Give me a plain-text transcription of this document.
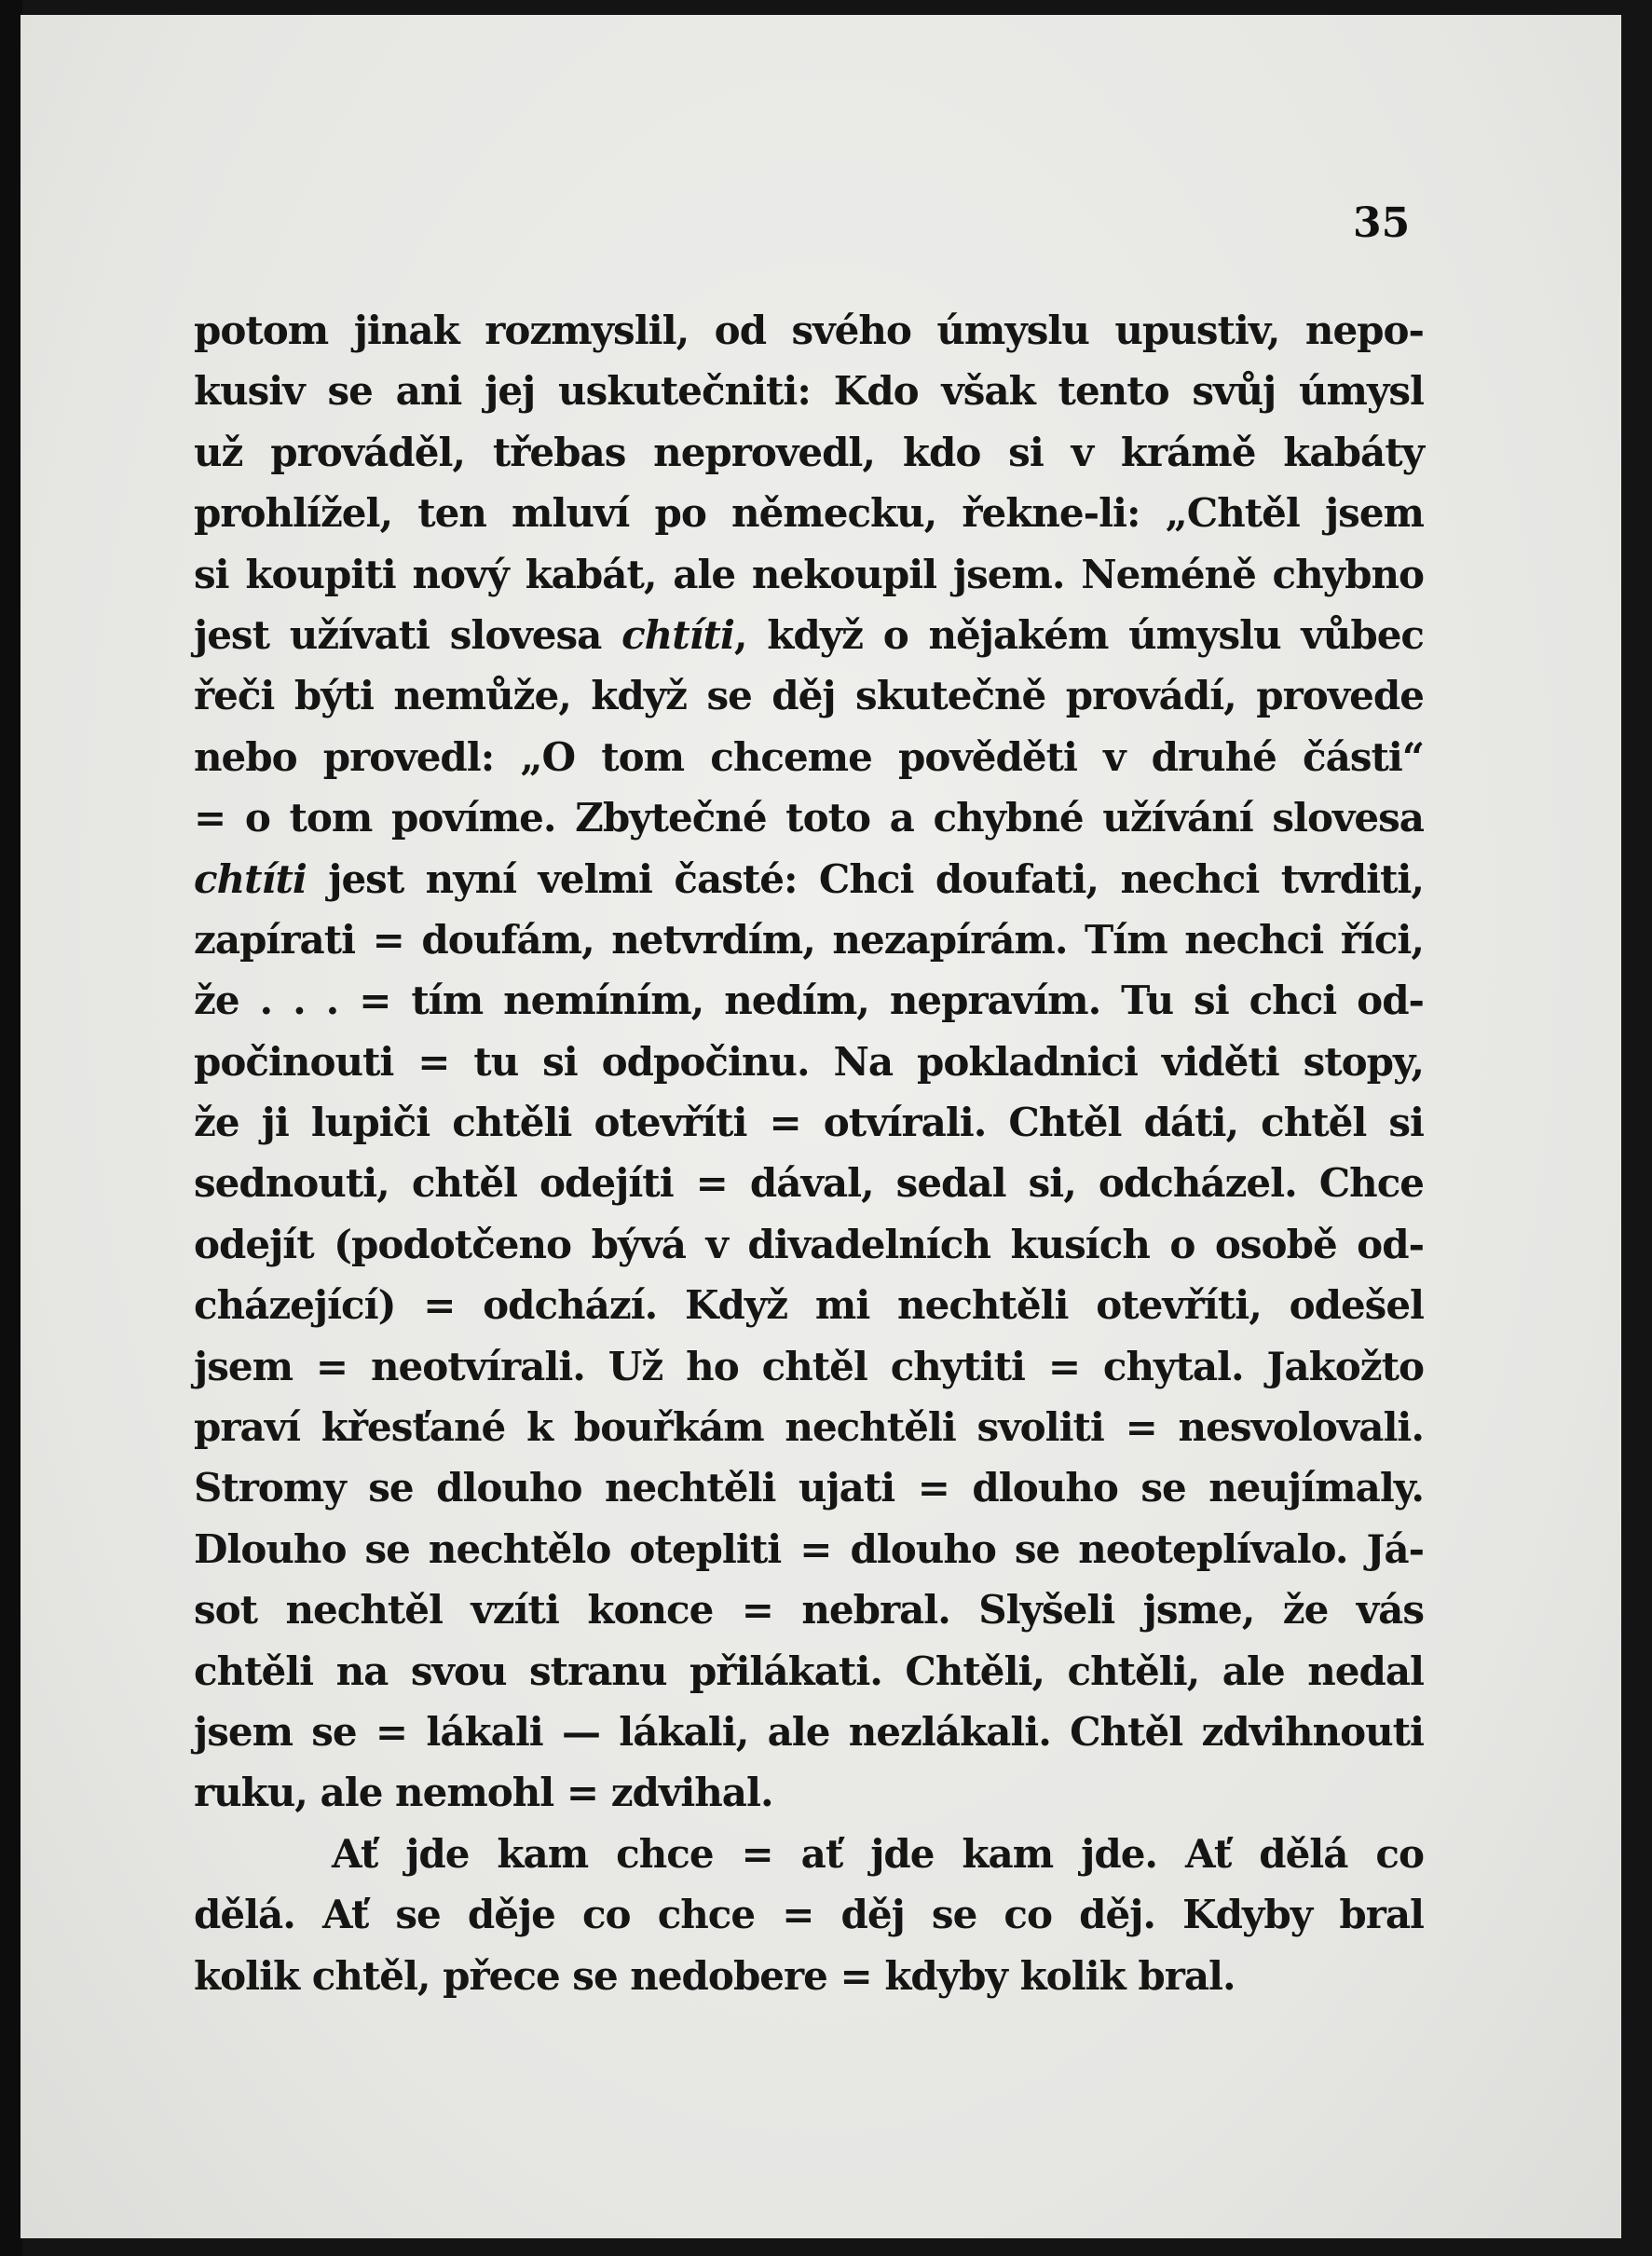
35
potom jinak rozmyslil, od svého úmyslu upustiv, nepo-
kusiv se ani jej uskutečniti: Kdo však tento svůj úmysl
už prováděl, třebas neprovedl, kdo si v krámě kabáty
prohlížel, ten mluví po německu, řekne-li: „Chtěl jsem
si koupiti nový kabát, ale nekoupil jsem. Neméně chybno
jest užívati slovesa chtíti, když o nějakém úmyslu vůbec
řeči býti nemůže, když se děj skutečně provádí, provede
nebo provedl: „O tom chceme pověděti v druhé části“
= o tom povíme. Zbytečné toto a chybné užívání slovesa
chtíti jest nyní velmi časté: Chci doufati, nechci tvrditi,
zapírati = doufám, netvrdím, nezapírám. Tím nechci říci,
že . . . = tím nemíním, nedím, nepravím. Tu si chci od-
počinouti = tu si odpočinu. Na pokladnici viděti stopy,
že ji lupiči chtěli otevříti = otvírali. Chtěl dáti, chtěl si
sednouti, chtěl odejíti = dával, sedal si, odcházel. Chce
odejít (podotčeno bývá v divadelních kusích o osobě od-
cházející) = odchází. Když mi nechtěli otevříti, odešel
jsem = neotvírali. Už ho chtěl chytiti = chytal. Jakožto
praví křesťané k bouřkám nechtěli svoliti = nesvolovali.
Stromy se dlouho nechtěli ujati = dlouho se neujímaly.
Dlouho se nechtělo otepliti = dlouho se neoteplívalo. Já-
sot nechtěl vzíti konce = nebral. Slyšeli jsme, že vás
chtěli na svou stranu přilákati. Chtěli, chtěli, ale nedal
jsem se = lákali — lákali, ale nezlákali. Chtěl zdvihnouti
ruku, ale nemohl = zdvihal.
Ať jde kam chce = ať jde kam jde. Ať dělá co
dělá. Ať se děje co chce = děj se co děj. Kdyby bral
kolik chtěl, přece se nedobere = kdyby kolik bral.
